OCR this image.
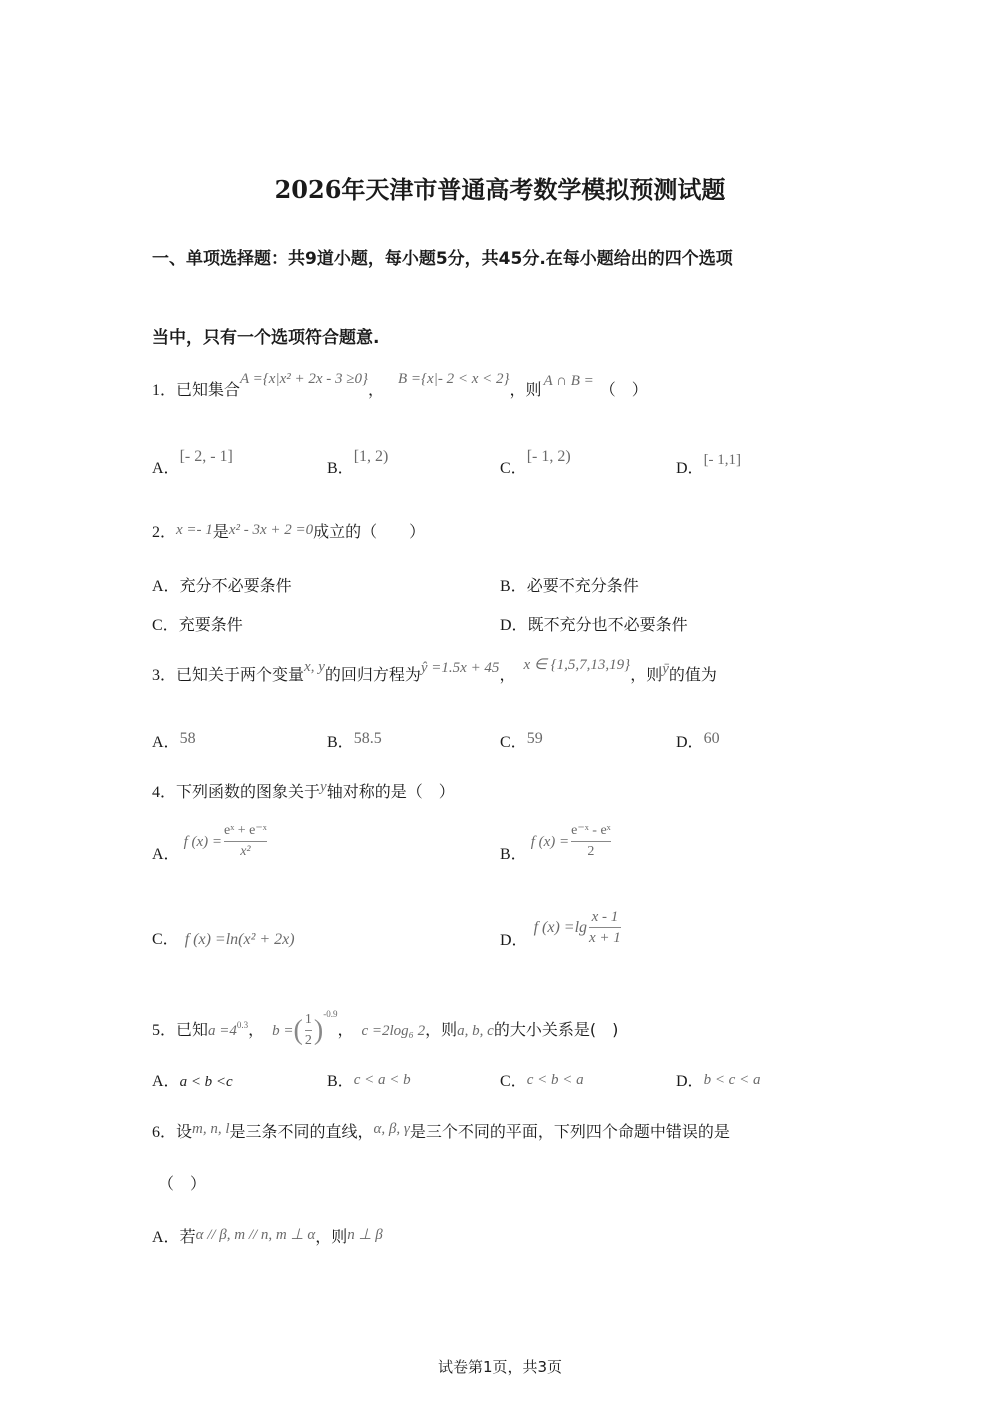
2026年天津市普通高考数学模拟预测试题
一、单项选择题：共9道小题，每小题5分，共45分.在每小题给出的四个选项
当中，只有一个选项符合题意.
1．已知集合A ={x|x² + 2x - 3 ≥0}，B ={x|- 2 < x < 2}，则 A ∩ B = （　）
A．[- 2, - 1]
B．[1, 2)
C．[- 1, 2)
D．[- 1,1]
2．x =- 1是x² - 3x + 2 =0成立的（　　）
A．充分不必要条件	B．必要不充分条件
C．充要条件	D．既不充分也不必要条件
3．已知关于两个变量x, y的回归方程为ŷ =1.5x + 45， x ∈ {1,5,7,13,19}，则ȳ的值为
A．58	B．58.5	C．59	D．60
4．下列函数的图象关于y轴对称的是（　）
A．f $(x) = \frac{\text{eˣ + e⁻ˣ}}{\text{x²}}$	B．f $(x) = \frac{\text{e⁻ˣ - eˣ}}{2}$
C． f (x) =ln(x² + 2x)	D．f $(x) =\lg \frac{x - 1}{x + 1}$
5．已知$a =4^{0.3}$， b =( $\frac{1}{2} )^{-0.9}$， c =2log₆ 2，则a, b, c的大小关系是(　)
A．a < b <c	B．c < a < b	C．c < b < a	D．b < c < a
6．设m, n, l是三条不同的直线，α, β, γ是三个不同的平面，下列四个命题中错误的是
（　）
A．若α // β, m // n, m ⊥ α，则n ⊥ β
试卷第1页，共3页
